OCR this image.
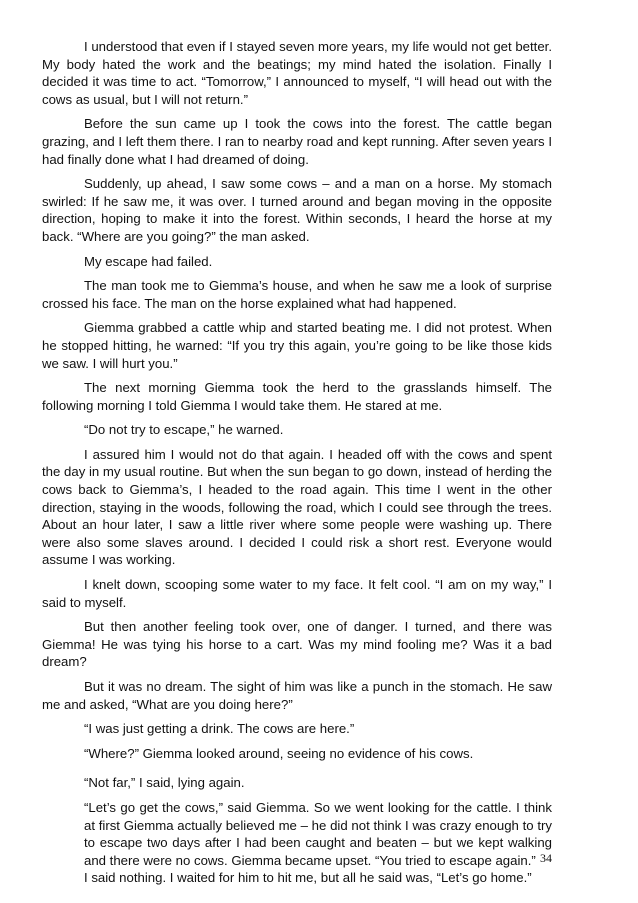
I understood that even if I stayed seven more years, my life would not get better. My body hated the work and the beatings; my mind hated the isolation. Finally I decided it was time to act. “Tomorrow,” I announced to myself, “I will head out with the cows as usual, but I will not return.”

Before the sun came up I took the cows into the forest. The cattle began grazing, and I left them there. I ran to nearby road and kept running. After seven years I had finally done what I had dreamed of doing.

Suddenly, up ahead, I saw some cows – and a man on a horse. My stomach swirled: If he saw me, it was over. I turned around and began moving in the opposite direction, hoping to make it into the forest. Within seconds, I heard the horse at my back. “Where are you going?” the man asked.

My escape had failed.

The man took me to Giemma’s house, and when he saw me a look of surprise crossed his face. The man on the horse explained what had happened.

Giemma grabbed a cattle whip and started beating me. I did not protest. When he stopped hitting, he warned: “If you try this again, you’re going to be like those kids we saw. I will hurt you.”

The next morning Giemma took the herd to the grasslands himself. The following morning I told Giemma I would take them. He stared at me.

“Do not try to escape,” he warned.

I assured him I would not do that again. I headed off with the cows and spent the day in my usual routine. But when the sun began to go down, instead of herding the cows back to Giemma’s, I headed to the road again. This time I went in the other direction, staying in the woods, following the road, which I could see through the trees. About an hour later, I saw a little river where some people were washing up. There were also some slaves around. I decided I could risk a short rest. Everyone would assume I was working.

I knelt down, scooping some water to my face. It felt cool. “I am on my way,” I said to myself.

But then another feeling took over, one of danger. I turned, and there was Giemma! He was tying his horse to a cart. Was my mind fooling me? Was it a bad dream?

But it was no dream. The sight of him was like a punch in the stomach. He saw me and asked, “What are you doing here?”

“I was just getting a drink. The cows are here.”

“Where?” Giemma looked around, seeing no evidence of his cows.

“Not far,” I said, lying again.

“Let’s go get the cows,” said Giemma. So we went looking for the cattle. I think at first Giemma actually believed me – he did not think I was crazy enough to try to escape two days after I had been caught and beaten – but we kept walking and there were no cows. Giemma became upset. “You tried to escape again.”

I said nothing. I waited for him to hit me, but all he said was, “Let’s go home.”

34
